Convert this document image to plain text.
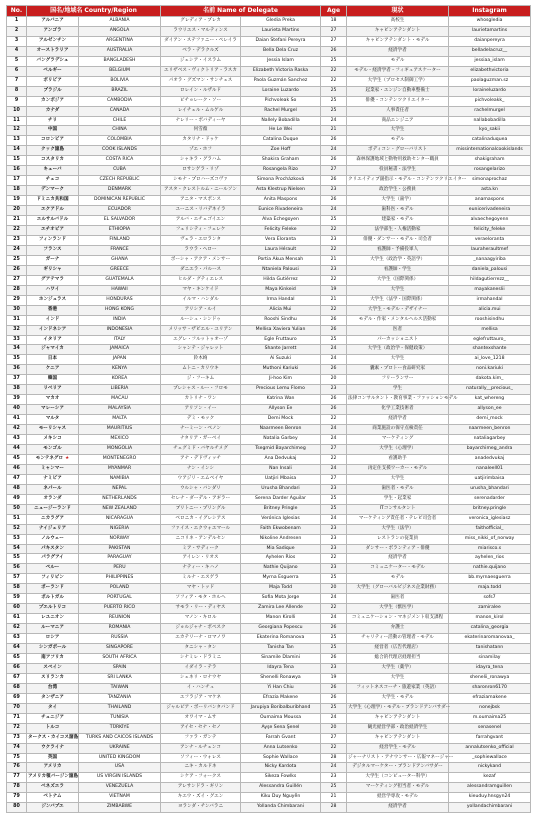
No.	国名/地域名 Country/Region		名前 Name of Delegate		Age	現状	Instagram
1	アルバニア	ALBANIA	グレディア・プレカ	Gledia Preka	18	高校生	whosgledia
2	アンゴラ	ANGOLA	ラウリエス・マルティンス	Laurieta Martins	27	キャビンアテンダント	laurietamartins
3	アルゼンチン	ARGENTINA	ダイアン・ステファニー・ペレイラ	Daian Stefani Pereyra	27	キャビンアテンダント・モデル	daianpereyra
4	オーストラリア	AUSTRALIA	ベラ・デラクルズ	Bella Dela Cruz	26	経済学者	belladelacruz__
5	バングラデシュ	BANGLADESH	ジェシア・イスラム	Jessia Islam	25	モデル	jessiaa_islam
6	ベルギー	BELGIUM	エリザベス・ヴィクトリア・ラスカ	Elizabeth Victoria Raska	22	モデル・経済学者・フィギュアスケーター	elizabethvictoria
7	ボリビア	BOLIVIA	パオラ・グズマン・サンチェス	Paola Guzmán Sanchez	22	大学生（プロセス制御工学）	paolaguzman.sz
8	ブラジル	BRAZIL	ロレイン・ルザルド	Loraine Luzardo	25	起業家・エンジン自動車整備士	loraineluzardo
9	カンボジア	CAMBODIA	ピチョレーク・ソー	Pichvoleak So	25	俳優・コンテンツクリエイター	pichvoleakk_
10	カナダ	CANADA	レイチェル・ムルゲル	Rachel Murgel	25	人事責任者	rachelmurgel
11	チリ	CHILE	ナレリー・ボバディーヤ	Nallely Bobadilla	24	商品エンジニア	nallabobadilla
12	中国	CHINA	何雪薇	He Le Wei	21	大学生	kyo_sakii
13	コロンビア	COLOMBIA	カタリナ・ドゥケ	Catalina Duque	26	モデル	catalinaduquea
14	クック諸島	COOK ISLANDS	ゾエ・ホフ	Zoe Hoff	24	ボディコン・グローバリスト	missinternationalcookislands
15	コスタリカ	COSTA RICA	シャキラ・グラハム	Shakira Graham	26	森林保護地域と動物用救助センター職員	shakigraham
16	キューバ	CUBA	ロサンゲラ・リゾ	Rosangela Rizo	27	役員秘書・法学生	rosangelarizo
17	チェコ	CZECH REPUBLIC	シモナ・プロハーズコヴァ	Simona Procházková	26	クリエイティブ副指示・モデル・コンテンツクリエイター	simonaprochaz
18	デンマーク	DENMARK	アスタ・クレストルム・ニールソン	Asta Klestrup Nielsen	23	政治学生・公務員	asta.kn
19	ドミニカ共和国	DOMINICAN REPUBLIC	アニタ・マスポンス	Anita Maspons	26	大学生（歯学）	anamaspons
20	エクアドル	ECUADOR	ユーニス・リバデネイラ	Eunice Rivadeneira	24	歯科医・モデル	eunicerivadeneira
21	エルサルバドル	EL SALVADOR	アルバ・エチェゴイエン	Alva Echegoyen	25	建築家・モデル	alvaechegoyenn
22	エチオピア	ETHIOPIA	フェリシティ・フェレケ	Felicity Feleke	22	法学部生・人権活動家	felicity_feleke
23	フィンランド	FINLAND	ヴェラ・エロランタ	Vera Eloranta	23	俳優・ダンサー・モデル・司会者	veraeloranta
24	フランス	FRANCE	ラウラ・ヘロー	Laura Hérault	22	看護師・予備役軍人	lauraheraultmef
25	ガーナ	GHANA	ポーシャ・アクア・メンサー	Portia Akua Mensah	21	大学生（政治学・英語学）	_nanaagyiriba
26	ギリシャ	GREECE	ダニエラ・パルース	Ntaniela Palousi	23	看護師・学生	daniela_palousi
27	グアテマラ	GUATEMALA	ヒルダ・グティエレス	Hilda Gutiérrez	22	大学生（国際関係）	hildagutierrezz__
28	ハワイ	HAWAII	マヤ・キンケイド	Maya Kinkeid	19	大学生	mayakaneslii
29	ホンジュラス	HONDURAS	イルマ・ハンダル	Irma Handal	21	大学生（法学・国際関係）	irmahandal
30	香港	HONG KONG	アリシア・ルイ	Alicia Mui	22	大学生・モデル・デザイナー	alicia.mui
31	インド	INDIA	ルーシュ・シンドゥ	Rooshi Sindhu	26	モデル・作家・メンタルヘルス活動家	rooshisindhu
32	インドネシア	INDONESIA	メリッサ・ザビエル・ユリアン	Mellisa Xaviera Yulian	26	医者	mellisa
33	イタリア	ITALY	エグレ・フルットゥオーゾ	Egle Fruttauro	25	パーカッショニスト	eglefruttauro_
34	ジャマイカ	JAMAICA	シャンテ・ジャレット	Shante Jarrett	24	大学生（政治学・保健政策）	shantexshante
35	日本	JAPAN	鈴木絢	Ai Suzuki	24	大学生	ai_love_1218
36	ケニア	KENYA	ムトニ・カリウキ	Muthoni Kariuki	26	囊素・プロトー食品研究家	noni.kariuki
37	韓国	KOREA	ジ・フーキム	Ji-hoo Kim	20	フリーランサー	dakota.kim_
38	リベリア	LIBERIA	プレシャス・ルー・フロモ	Precious Lemu Flomo	23	学生	naturally__precious_
39	マカオ	MACAU	カトリナ・ワン	Katrina Wan	26	法律コンサルタント・教育事業・ファッションモデル	kat_whereng
40	マレーシア	MALAYSIA	アリソン・イー	Allyson Ee	26	化学工業技術者	allyson_ee
41	マルタ	MALTA	デミ・モック	Demi Mock	22	経済学者	demi_mock
42	モーリシャス	MAURITIUS	ナーミーン・ベノン	Naarmeen Benron	24	商業施設の保守点検責任	naarmeen_benron
43	メキシコ	MEXICO	ナタリア・ガーベイ	Natalia Garbey	24	マーケティング	nataliagarbey
44	モンゴル	MONGOLIA	チェグミド・バヤルチメグ	Tsegmid Bayarchimeg	27	大学生（心理学）	bayarchimeg_andra
45	モンテネグロ ★	MONTENEGRO	アナ・デドヴィッチ	Ana Dedvukaj	22	看護助手	anadedvukaj
46	ミャンマー	MYANMAR	ナン・インシ	Nan Insali	24	再定住支援ワーカー・モデル	nanaleell01
47	ナミビア	NAMIBIA	ウアジリ・エムベイヤ	Uatjiri Mbaisa	27	大学生	uatjirimbaisa
48	ネパール	NEPAL	ウルシャ・バンダリ	Urusha Bhandari	23	歯医者・モデル	urusha_bhandari
49	オランダ	NETHERLANDS	セレナ・ダーデル・アギラー	Serena Darder Aguilar	25	学生・起業家	serenadarder
50	ニュージーランド	NEW ZEALAND	ブリトニー・プリングル	Britney Pringle	25	ITコンサルタント	britney.pringle
51	ニカラグア	NICARAGUA	ベロニカ・イグレシアス	Verónica Iglesias	24	マーケティング責任者・テレビ司会者	veronica_iglesiasz
52	ナイジェリア	NIGERIA	ファイス・エクウォエマール	Faith Ekwobenam	23	大学生（法学）	faithofficial_
53	ノルウェー	NORWAY	ニコリネ・アンデルセン	Nikoline Andresen	23	レストランの従業員	miss_nikki_of_norway
54	パキスタン	PAKISTAN	ミア・サディーク	Mia Sadique	23	ダンサー・ボランティア・俳優	miarisco.s
55	パラグアイ	PARAGUAY	アイレン・リオス	Ayhelen Ríos	22	経済学者	ayhelen_rios
56	ペルー	PERU	ナティー・キハノ	Nathie Quijano	23	コミュニケーター・モデル	nathie.quijano
57	フィリピン	PHILIPPINES	ミルナ・エスゲラ	Myrna Esguerra	25	モデル	bb.myrnaesguerra
58	ポーランド	POLAND	マヤ・トッド	Maja Todd	20	大学生（グローバルビジネス企業財務）	maja.todd
59	ポルトガル	PORTUGAL	ソフィア・モタ・ホルヘ	Sofia Mota Jorge	24	歯医者	sofs7
60	プエルトリコ	PUERTO RICO	サモラ・リー・ディヤス	Zamira Lee Allende	22	大学生（獣医学）	zamiralee
61	レユニオン	REUNION	マノン・キロル	Manon Kirolli	24	コミュニケーション・マネジメント収支課程	manon_kirol
62	ルーマニア	ROMANIA	ジョルジャナ・ポペスク	Georgiana Popescu	26	弁護士	catalina_georgia
63	ロシア	RUSSIA	エカテリーナ・ロマノワ	Ekaterina Romanova	25	チャリティー活動の管理者・モデル	ekaterinaromanovaa_
64	シンガポール	SINGAPORE	タニシャ・タン	Tanisha Tan	25	経営者（広告代理店）	tanishatann
65	南アフリカ	SOUTH AFRICA	シナミレ・ドラミニ	Sinamile Dlamini	26	総合的代理店経理担当	sinamilay
66	スペイン	SPAIN	イダイラ・テラ	Idayra Tena	23	大学生（薬学）	idayra_tena
67	スリランカ	SRI LANKA	シェネリ・ロナウヤ	Shenelli Ronawya	19	大学生	shenelii_ronawya
68	台湾	TAIWAN	イ・ハンチュ	Yi Han Chiu	26	フィットネスコーチ・旅遊家業（英語）	sharonron6170
69	タンザニア	TANZANIA	エフラジア・マケネ	Efrazia Makene	26	大学生・モデル	efraziamakene
70	タイ	THAILAND	ジャルピア・ボーリバンタバンド	Jarupiya Boribalburibhand	25	大学生（心理学）・モデル・ブランドアンバサダー	nonejbsk
71	チュニジア	TUNISIA	オワイマ・ムサ	Oumaima Moussa	24	キャビンアテンダント	m.oumaima25
72	トルコ	TÜRKİYE	アイセ・セナ・セノ	Ayşe Sena Şenel	20	観光経営学部・政治経済学生	senasenel
73	タークス・カイコス諸島	TURKS AND CAICOS ISLANDS	ファラ・ガンテ	Farrah Gvant	27	キャビンアテンダント	farrahgvant
74	ウクライナ	UKRAINE	アンナ・ルチェンコ	Anna Lutsenko	22	経営学生・モデル	annalutsenko_official
75	英国	UNITED KINGDOM	ソフィー・ウォレス	Sophie Wallace	28	ジャーナリスト・アナウンサー・広報マネージャー	_sophiewallace
76	アメリカ	USA	ニキ・カルドネ	Nicky Kardota	24	デジタルマーケター・ブランドアンバサダー	nickykand
77	アメリカ領バージン諸島	US VIRGIN ISLANDS	シケア・フォークス	Sikeza Fowlks	23	大学生（コンピューター科学）	kezaf
78	ベネズエラ	VENEZUELA	アレサンドラ・ギリン	Alessandra Guillén	25	マーケティング担当者・モデル	alessandramguillen
79	ベトナム	VIETNAM	キエウ・ズイ・グエン	Kiku Duy Nguyễn	21	経営学専攻・モデル	kieuduy.hnsgyn24
80	ジンバブエ	ZIMBABWE	ヨランダ・チンバラニ	Yollanda Chimbarani	28	経済学者	yollandachimbarani
